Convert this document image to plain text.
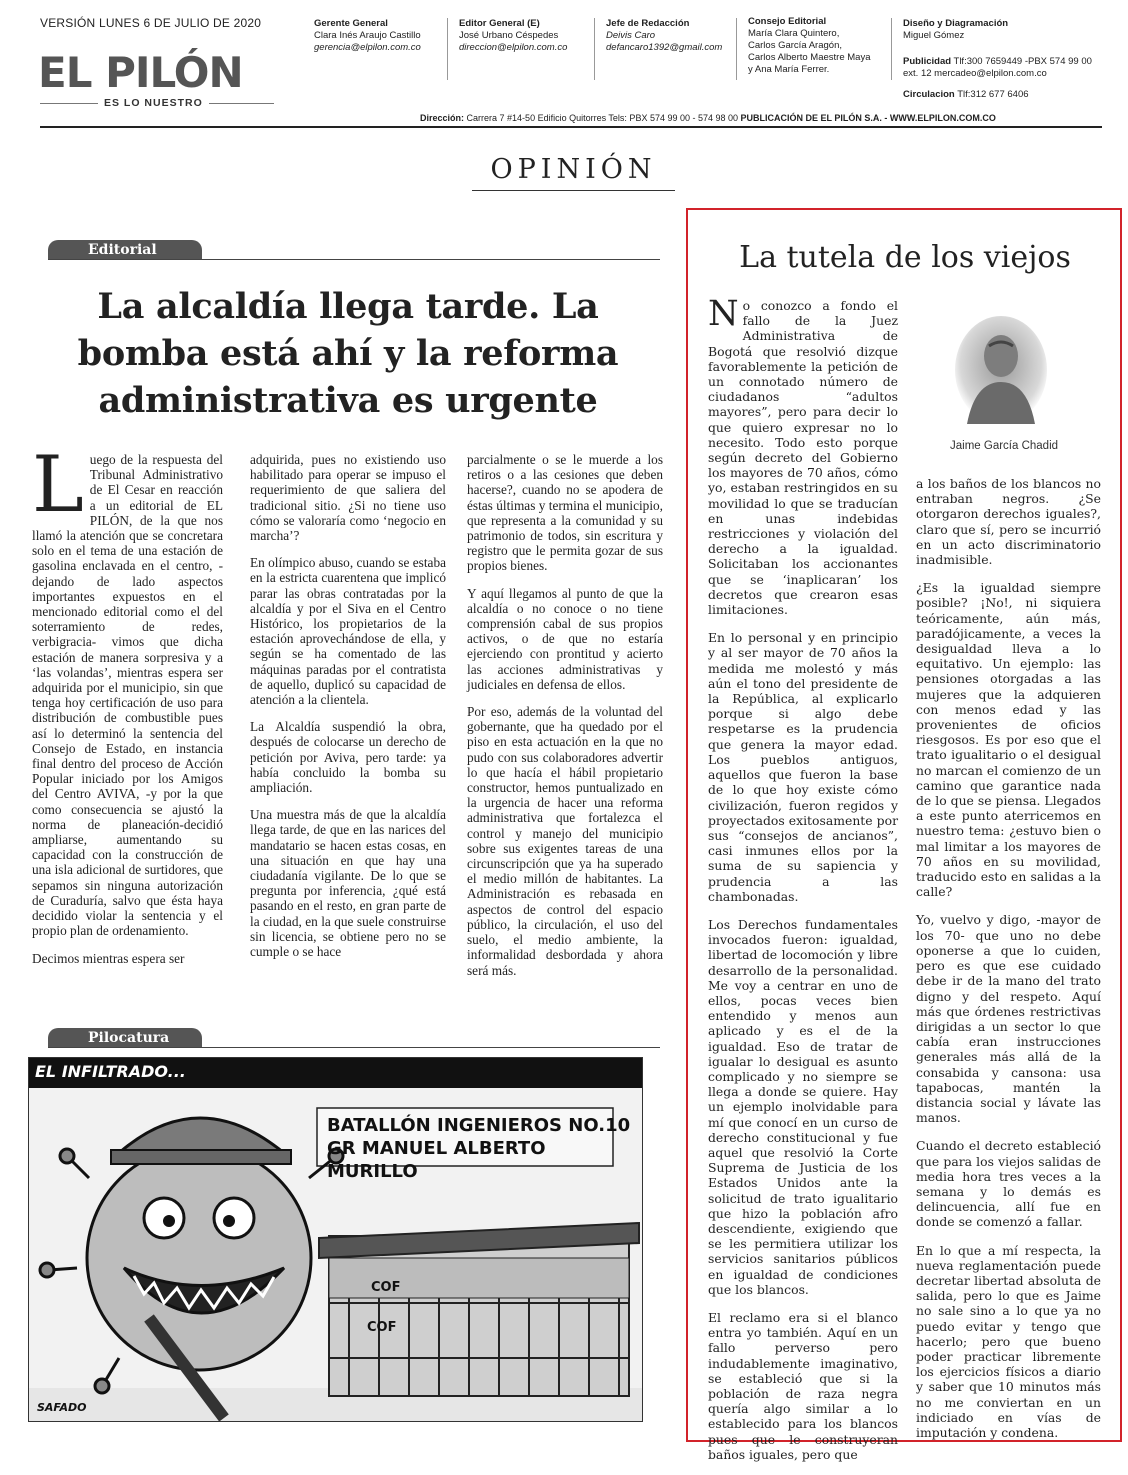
VERSIÓN LUNES 6 DE JULIO DE 2020
EL PILÓN
ES LO NUESTRO
Gerente General
Clara Inés Araujo Castillo
gerencia@elpilon.com.co
Editor General (E)
José Urbano Céspedes
direccion@elpilon.com.co
Jefe de Redacción
Deivis Caro
defancaro1392@gmail.com
Consejo Editorial
María Clara Quintero,
Carlos García Aragón,
Carlos Alberto Maestre Maya
y Ana María Ferrer.
Diseño y Diagramación
Miguel Gómez
Publicidad Tlf:300 7659449 -PBX 574 99 00
ext. 12 mercadeo@elpilon.com.co
Circulacion Tlf:312 677 6406
Dirección: Carrera 7 #14-50 Edificio Quitorres Tels: PBX 574 99 00 - 574 98 00 PUBLICACIÓN DE EL PILÓN S.A. - WWW.ELPILON.COM.CO
OPINIÓN
Editorial
La alcaldía llega tarde. La bomba está ahí y la reforma administrativa es urgente

Luego de la respuesta del Tribunal Administrativo de El Cesar en reacción a un editorial de EL PILÓN, de la que nos llamó la atención que se concretara solo en el tema de una estación de gasolina enclavada en el centro, -dejando de lado aspectos importantes expuestos en el mencionado editorial como el del soterramiento de redes, verbigracia- vimos que dicha estación de manera sorpresiva y a ‘las volandas’, mientras espera ser adquirida por el municipio, sin que tenga hoy certificación de uso para distribución de combustible pues así lo determinó la sentencia del Consejo de Estado, en instancia final dentro del proceso de Acción Popular iniciado por los Amigos del Centro AVIVA, -y por la que como consecuencia se ajustó la norma de planeación-decidió ampliarse, aumentando su capacidad con la construcción de una isla adicional de surtidores, que sepamos sin ninguna autorización de Curaduría, salvo que ésta haya decidido violar la sentencia y el propio plan de ordenamiento.

Decimos mientras espera ser

adquirida, pues no existiendo uso habilitado para operar se impuso el requerimiento de que saliera del tradicional sitio. ¿Si no tiene uso cómo se valoraría como ‘negocio en marcha’?

En olímpico abuso, cuando se estaba en la estricta cuarentena que implicó parar las obras contratadas por la alcaldía y por el Siva en el Centro Histórico, los propietarios de la estación aprovechándose de ella, y según se ha comentado de las máquinas paradas por el contratista de aquello, duplicó su capacidad de atención a la clientela.

La Alcaldía suspendió la obra, después de colocarse un derecho de petición por Aviva, pero tarde: ya había concluido la bomba su ampliación.

Una muestra más de que la alcaldía llega tarde, de que en las narices del mandatario se hacen estas cosas, en una situación en que hay una ciudadanía vigilante. De lo que se pregunta por inferencia, ¿qué está pasando en el resto, en gran parte de la ciudad, en la que suele construirse sin licencia, se obtiene pero no se cumple o se hace

parcialmente o se le muerde a los retiros o a las cesiones que deben hacerse?, cuando no se apodera de éstas últimas y termina el municipio, que representa a la comunidad y su patrimonio de todos, sin escritura y registro que le permita gozar de sus propios bienes.

Y aquí llegamos al punto de que la alcaldía o no conoce o no tiene comprensión cabal de sus propios activos, o de que no estaría ejerciendo con prontitud y acierto las acciones administrativas y judiciales en defensa de ellos.

Por eso, además de la voluntad del gobernante, que ha quedado por el piso en esta actuación en la que no pudo con sus colaboradores advertir lo que hacía el hábil propietario constructor, hemos puntualizado en la urgencia de hacer una reforma administrativa que fortalezca el control y manejo del municipio sobre sus exigentes tareas de una circunscripción que ya ha superado el medio millón de habitantes. La Administración es rebasada en aspectos de control del espacio público, la circulación, el uso del suelo, el medio ambiente, la informalidad desbordada y ahora será más.

Pilocatura
EL INFILTRADO...
BATALLÓN INGENIEROS NO.10
GR MANUEL ALBERTO MURILLO
COF
COF
SAFADO
La tutela de los viejos
Jaime García Chadid

No conozco a fondo el fallo de la Juez Administrativa de Bogotá que resolvió dizque favorablemente la petición de un connotado número de ciudadanos “adultos mayores”, pero para decir lo que quiero expresar no lo necesito. Todo esto porque según decreto del Gobierno los mayores de 70 años, cómo yo, estaban restringidos en su movilidad lo que se traducían en unas indebidas restricciones y violación del derecho a la igualdad. Solicitaban los accionantes que se ‘inaplicaran’ los decretos que crearon esas limitaciones.

En lo personal y en principio y al ser mayor de 70 años la medida me molestó y más aún el tono del presidente de la República, al explicarlo porque si algo debe respetarse es la prudencia que genera la mayor edad. Los pueblos antiguos, aquellos que fueron la base de lo que hoy existe cómo civilización, fueron regidos y proyectados exitosamente por sus “consejos de ancianos”, casi inmunes ellos por la suma de su sapiencia y prudencia a las chambonadas.

Los Derechos fundamentales invocados fueron: igualdad, libertad de locomoción y libre desarrollo de la personalidad. Me voy a centrar en uno de ellos, pocas veces bien entendido y menos aun aplicado y es el de la igualdad. Eso de tratar de igualar lo desigual es asunto complicado y no siempre se llega a donde se quiere. Hay un ejemplo inolvidable para mí que conocí en un curso de derecho constitucional y fue aquel que resolvió la Corte Suprema de Justicia de los Estados Unidos ante la solicitud de trato igualitario que hizo la población afro descendiente, exigiendo que se les permitiera utilizar los servicios sanitarios públicos en igualdad de condiciones que los blancos.

El reclamo era si el blanco entra yo también. Aquí en un fallo perverso pero indudablemente imaginativo, se estableció que si la población de raza negra quería algo similar a lo establecido para los blancos pues que le construyeran baños iguales, pero que

a los baños de los blancos no entraban negros. ¿Se otorgaron derechos iguales?, claro que sí, pero se incurrió en un acto discriminatorio inadmisible.

¿Es la igualdad siempre posible? ¡No!, ni siquiera teóricamente, aún más, paradójicamente, a veces la desigualdad lleva a lo equitativo. Un ejemplo: las pensiones otorgadas a las mujeres que la adquieren con menos edad y las provenientes de oficios riesgosos. Es por eso que el trato igualitario o el desigual no marcan el comienzo de un camino que garantice nada de lo que se piensa. Llegados a este punto aterricemos en nuestro tema: ¿estuvo bien o mal limitar a los mayores de 70 años en su movilidad, traducido esto en salidas a la calle?

Yo, vuelvo y digo, -mayor de los 70- que uno no debe oponerse a que lo cuiden, pero es que ese cuidado debe ir de la mano del trato digno y del respeto. Aquí más que órdenes restrictivas dirigidas a un sector lo que cabía eran instrucciones generales más allá de la consabida y cansona: usa tapabocas, mantén la distancia social y lávate las manos.

Cuando el decreto estableció que para los viejos salidas de media hora tres veces a la semana y lo demás es delincuencia, allí fue en donde se comenzó a fallar.

En lo que a mí respecta, la nueva reglamentación puede decretar libertad absoluta de salida, pero lo que es Jaime no sale sino a lo que ya no puedo evitar y tengo que hacerlo; pero que bueno poder practicar libremente los ejercicios físicos a diario y saber que 10 minutos más no me conviertan en un indiciado en vías de imputación y condena.
